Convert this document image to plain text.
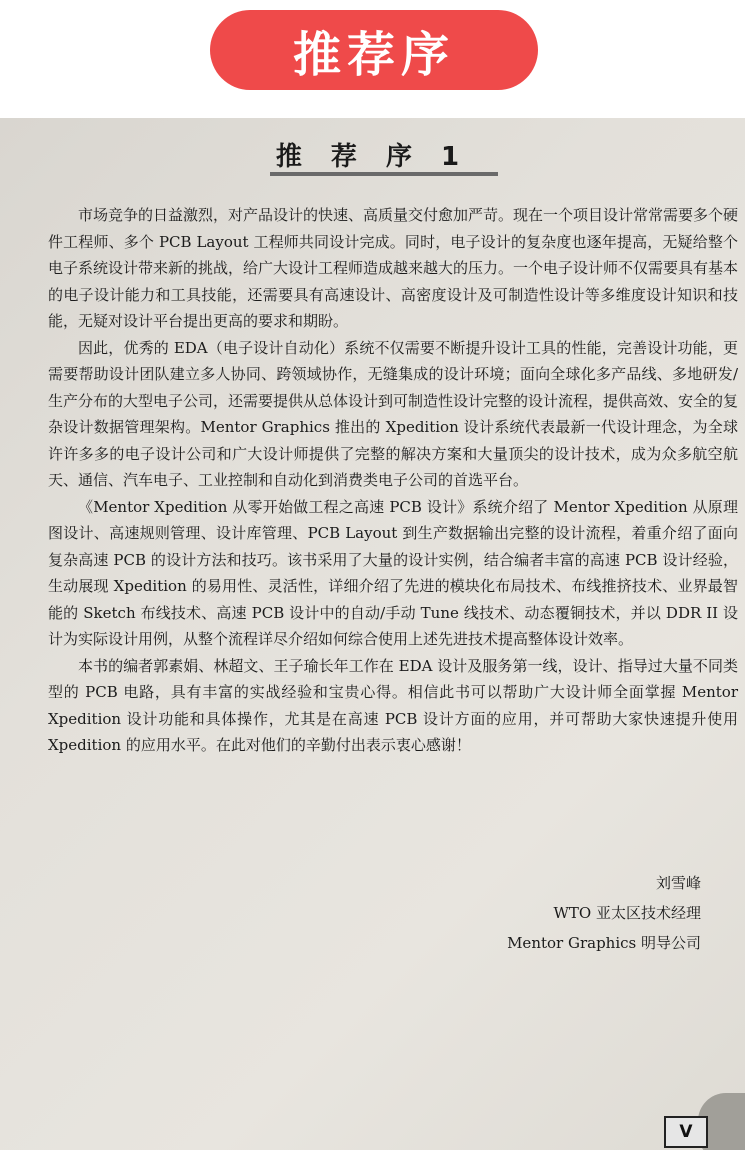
推荐序
推 荐 序 1

市场竞争的日益激烈，对产品设计的快速、高质量交付愈加严苛。现在一个项目设计常常需要多个硬件工程师、多个 PCB Layout 工程师共同设计完成。同时，电子设计的复杂度也逐年提高，无疑给整个电子系统设计带来新的挑战，给广大设计工程师造成越来越大的压力。一个电子设计师不仅需要具有基本的电子设计能力和工具技能，还需要具有高速设计、高密度设计及可制造性设计等多维度设计知识和技能，无疑对设计平台提出更高的要求和期盼。

因此，优秀的 EDA（电子设计自动化）系统不仅需要不断提升设计工具的性能，完善设计功能，更需要帮助设计团队建立多人协同、跨领域协作，无缝集成的设计环境；面向全球化多产品线、多地研发/生产分布的大型电子公司，还需要提供从总体设计到可制造性设计完整的设计流程，提供高效、安全的复杂设计数据管理架构。Mentor Graphics 推出的 Xpedition 设计系统代表最新一代设计理念，为全球许许多多的电子设计公司和广大设计师提供了完整的解决方案和大量顶尖的设计技术，成为众多航空航天、通信、汽车电子、工业控制和自动化到消费类电子公司的首选平台。

《Mentor Xpedition 从零开始做工程之高速 PCB 设计》系统介绍了 Mentor Xpedition 从原理图设计、高速规则管理、设计库管理、PCB Layout 到生产数据输出完整的设计流程，着重介绍了面向复杂高速 PCB 的设计方法和技巧。该书采用了大量的设计实例，结合编者丰富的高速 PCB 设计经验，生动展现 Xpedition 的易用性、灵活性，详细介绍了先进的模块化布局技术、布线推挤技术、业界最智能的 Sketch 布线技术、高速 PCB 设计中的自动/手动 Tune 线技术、动态覆铜技术，并以 DDR II 设计为实际设计用例，从整个流程详尽介绍如何综合使用上述先进技术提高整体设计效率。

本书的编者郭素娟、林超文、王子瑜长年工作在 EDA 设计及服务第一线，设计、指导过大量不同类型的 PCB 电路，具有丰富的实战经验和宝贵心得。相信此书可以帮助广大设计师全面掌握 Mentor Xpedition 设计功能和具体操作，尤其是在高速 PCB 设计方面的应用，并可帮助大家快速提升使用 Xpedition 的应用水平。在此对他们的辛勤付出表示衷心感谢！

刘雪峰
WTO 亚太区技术经理
Mentor Graphics 明导公司
V
